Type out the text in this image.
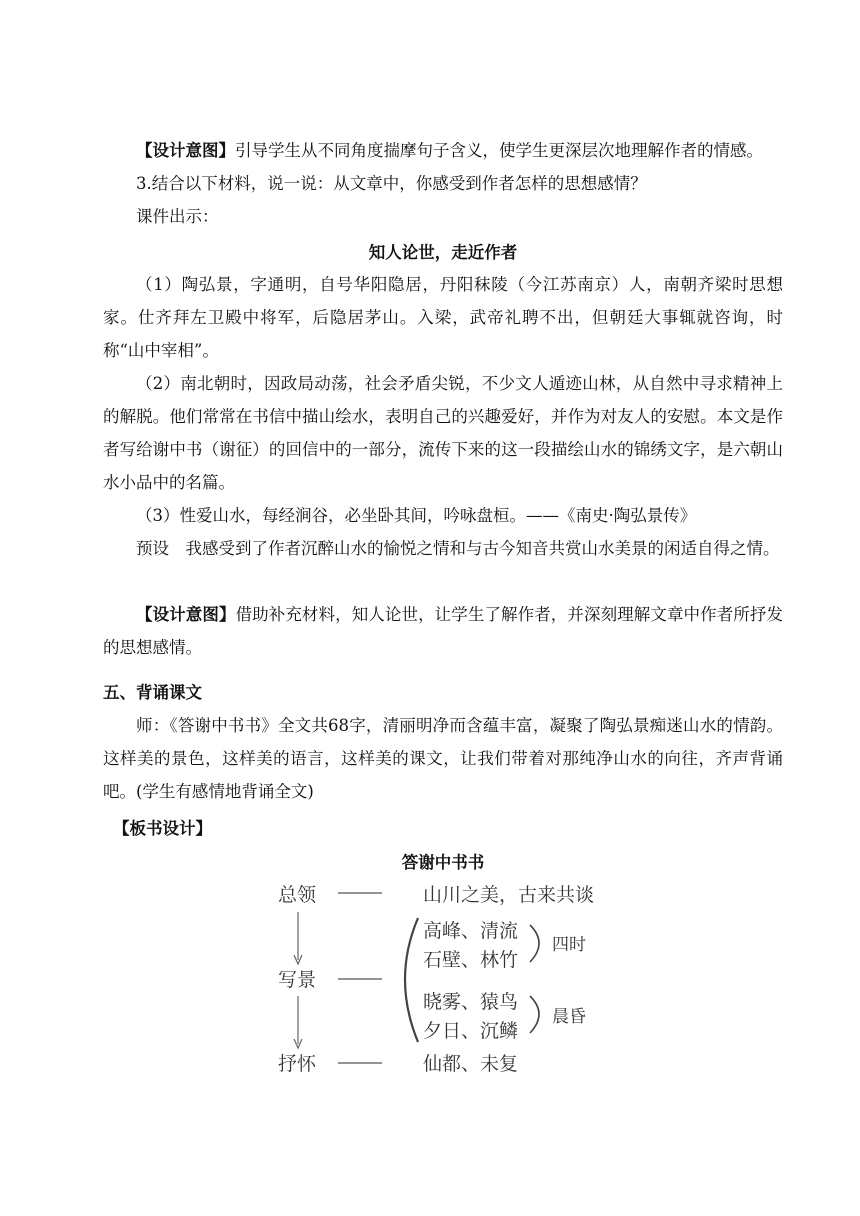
【设计意图】引导学生从不同角度揣摩句子含义，使学生更深层次地理解作者的情感。

3.结合以下材料，说一说：从文章中，你感受到作者怎样的思想感情？

课件出示：

知人论世，走近作者

（1）陶弘景，字通明，自号华阳隐居，丹阳秣陵（今江苏南京）人，南朝齐梁时思想家。仕齐拜左卫殿中将军，后隐居茅山。入梁，武帝礼聘不出，但朝廷大事辄就咨询，时称“山中宰相”。

（2）南北朝时，因政局动荡，社会矛盾尖锐，不少文人遁迹山林，从自然中寻求精神上的解脱。他们常常在书信中描山绘水，表明自己的兴趣爱好，并作为对友人的安慰。本文是作者写给谢中书（谢征）的回信中的一部分，流传下来的这一段描绘山水的锦绣文字，是六朝山水小品中的名篇。

（3）性爱山水，每经涧谷，必坐卧其间，吟咏盘桓。——《南史·陶弘景传》

预设　我感受到了作者沉醉山水的愉悦之情和与古今知音共赏山水美景的闲适自得之情。

【设计意图】借助补充材料，知人论世，让学生了解作者，并深刻理解文章中作者所抒发的思想感情。

五、背诵课文

师：《答谢中书书》全文共68字，清丽明净而含蕴丰富，凝聚了陶弘景痴迷山水的情韵。这样美的景色，这样美的语言，这样美的课文，让我们带着对那纯净山水的向往，齐声背诵吧。(学生有感情地背诵全文)

【板书设计】

答谢中书书

总领
写景
抒怀
山川之美，古来共谈
高峰、清流
石壁、林竹
四时
晓雾、猿鸟
夕日、沉鳞
晨昏
仙都、未复
